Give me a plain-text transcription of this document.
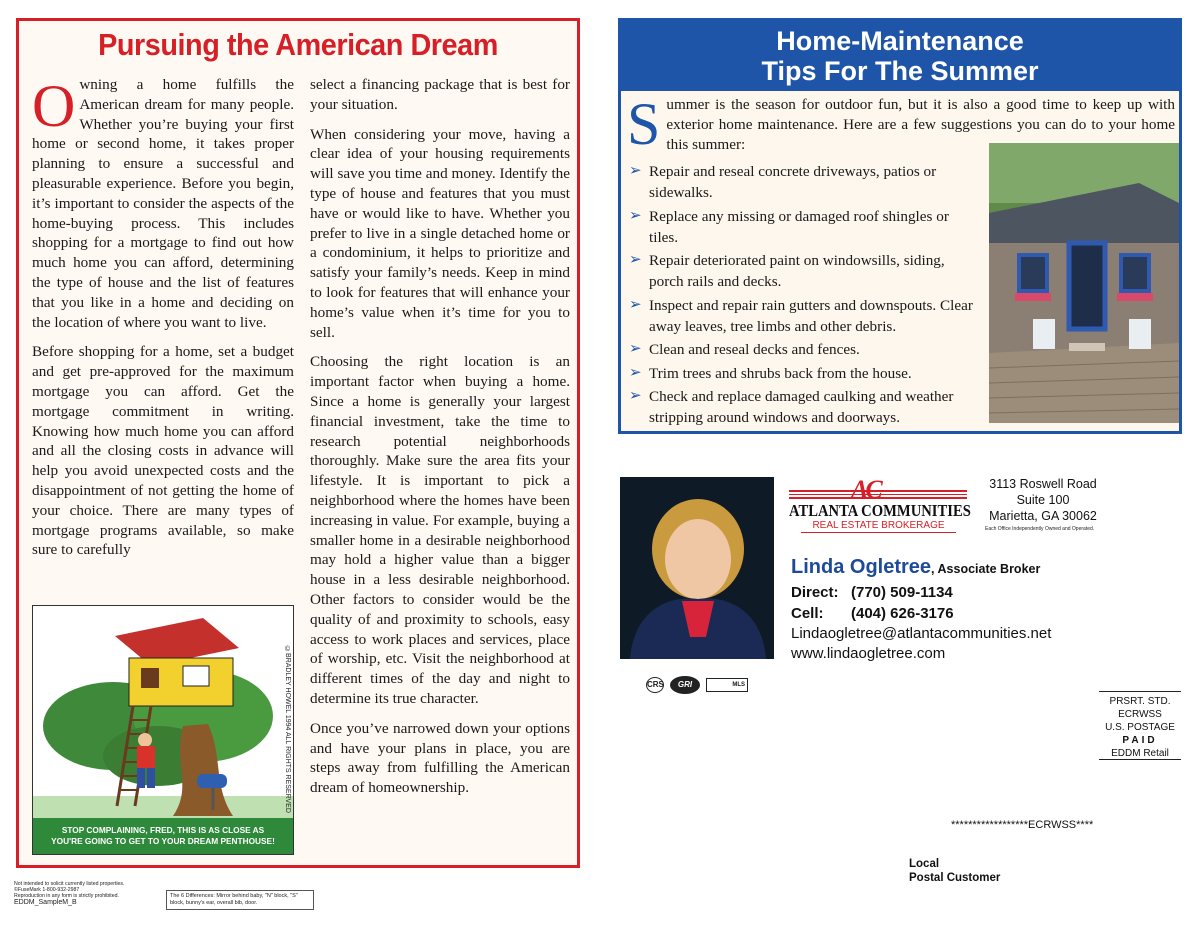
Pursuing the American Dream

Owning a home fulfills the American dream for many people. Whether you’re buying your first home or second home, it takes proper planning to ensure a successful and pleasurable experience. Before you begin, it’s important to consider the aspects of the home-buying process. This includes shopping for a mortgage to find out how much home you can afford, determining the type of house and the list of features that you like in a home and deciding on the location of where you want to live.

Before shopping for a home, set a budget and get pre-approved for the maximum mortgage you can afford. Get the mortgage commitment in writing. Knowing how much home you can afford and all the closing costs in advance will help you avoid unexpected costs and the disappointment of not getting the home of your choice. There are many types of mortgage programs available, so make sure to carefully

select a financing package that is best for your situation.

When considering your move, having a clear idea of your housing requirements will save you time and money. Identify the type of house and features that you must have or would like to have. Whether you prefer to live in a single detached home or a condominium, it helps to prioritize and satisfy your family’s needs. Keep in mind to look for features that will enhance your home’s value when it’s time for you to sell.

Choosing the right location is an important factor when buying a home. Since a home is generally your largest financial investment, take the time to research potential neighborhoods thoroughly. Make sure the area fits your lifestyle. It is important to pick a neighborhood where the homes have been increasing in value. For example, buying a smaller home in a desirable neighborhood may hold a higher value than a bigger house in a less desirable neighborhood. Other factors to consider would be the quality of and proximity to schools, easy access to work places and services, place of worship, etc. Visit the neighborhood at different times of the day and night to determine its true character.

Once you’ve narrowed down your options and have your plans in place, you are steps away from fulfilling the American dream of homeownership.

©BRADLEY HOWEL 1994 ALL RIGHTS RESERVED
STOP COMPLAINING, FRED, THIS IS AS CLOSE AS
YOU'RE GOING TO GET TO YOUR DREAM PENTHOUSE!
Not intended to solicit currently listed properties.
©FuseMark 1-800-932-2987
Reproduction in any form is strictly prohibited.
EDDM_SampleM_B
The 6 Differences: Mirror behind baby, "N" block, "S" block, bunny's ear, overall bib, door.
Home-Maintenance
Tips For The Summer
Summer is the season for outdoor fun, but it is also a good time to keep up with exterior home maintenance. Here are a few suggestions you can do to your home this summer:
➢ Repair and reseal concrete driveways, patios or sidewalks.
➢ Replace any missing or damaged roof shingles or tiles.
➢ Repair deteriorated paint on windowsills, siding, porch rails and decks.
➢ Inspect and repair rain gutters and downspouts. Clear away leaves, tree limbs and other debris.
➢ Clean and reseal decks and fences.
➢ Trim trees and shrubs back from the house.
➢ Check and replace damaged caulking and weather stripping around windows and doorways.
ATLANTA COMMUNITIES
REAL ESTATE BROKERAGE
3113 Roswell Road
Suite 100
Marietta, GA 30062
Each Office Independently Owned and Operated.
Linda Ogletree, Associate Broker
Direct: (770) 509-1134
Cell: (404) 626-3176
Lindaogletree@atlantacommunities.net
www.lindaogletree.com
CRS	GRI	MLS
PRSRT. STD.
ECRWSS
U.S. POSTAGE
PAID
EDDM Retail
******************ECRWSS****
Local
Postal Customer
